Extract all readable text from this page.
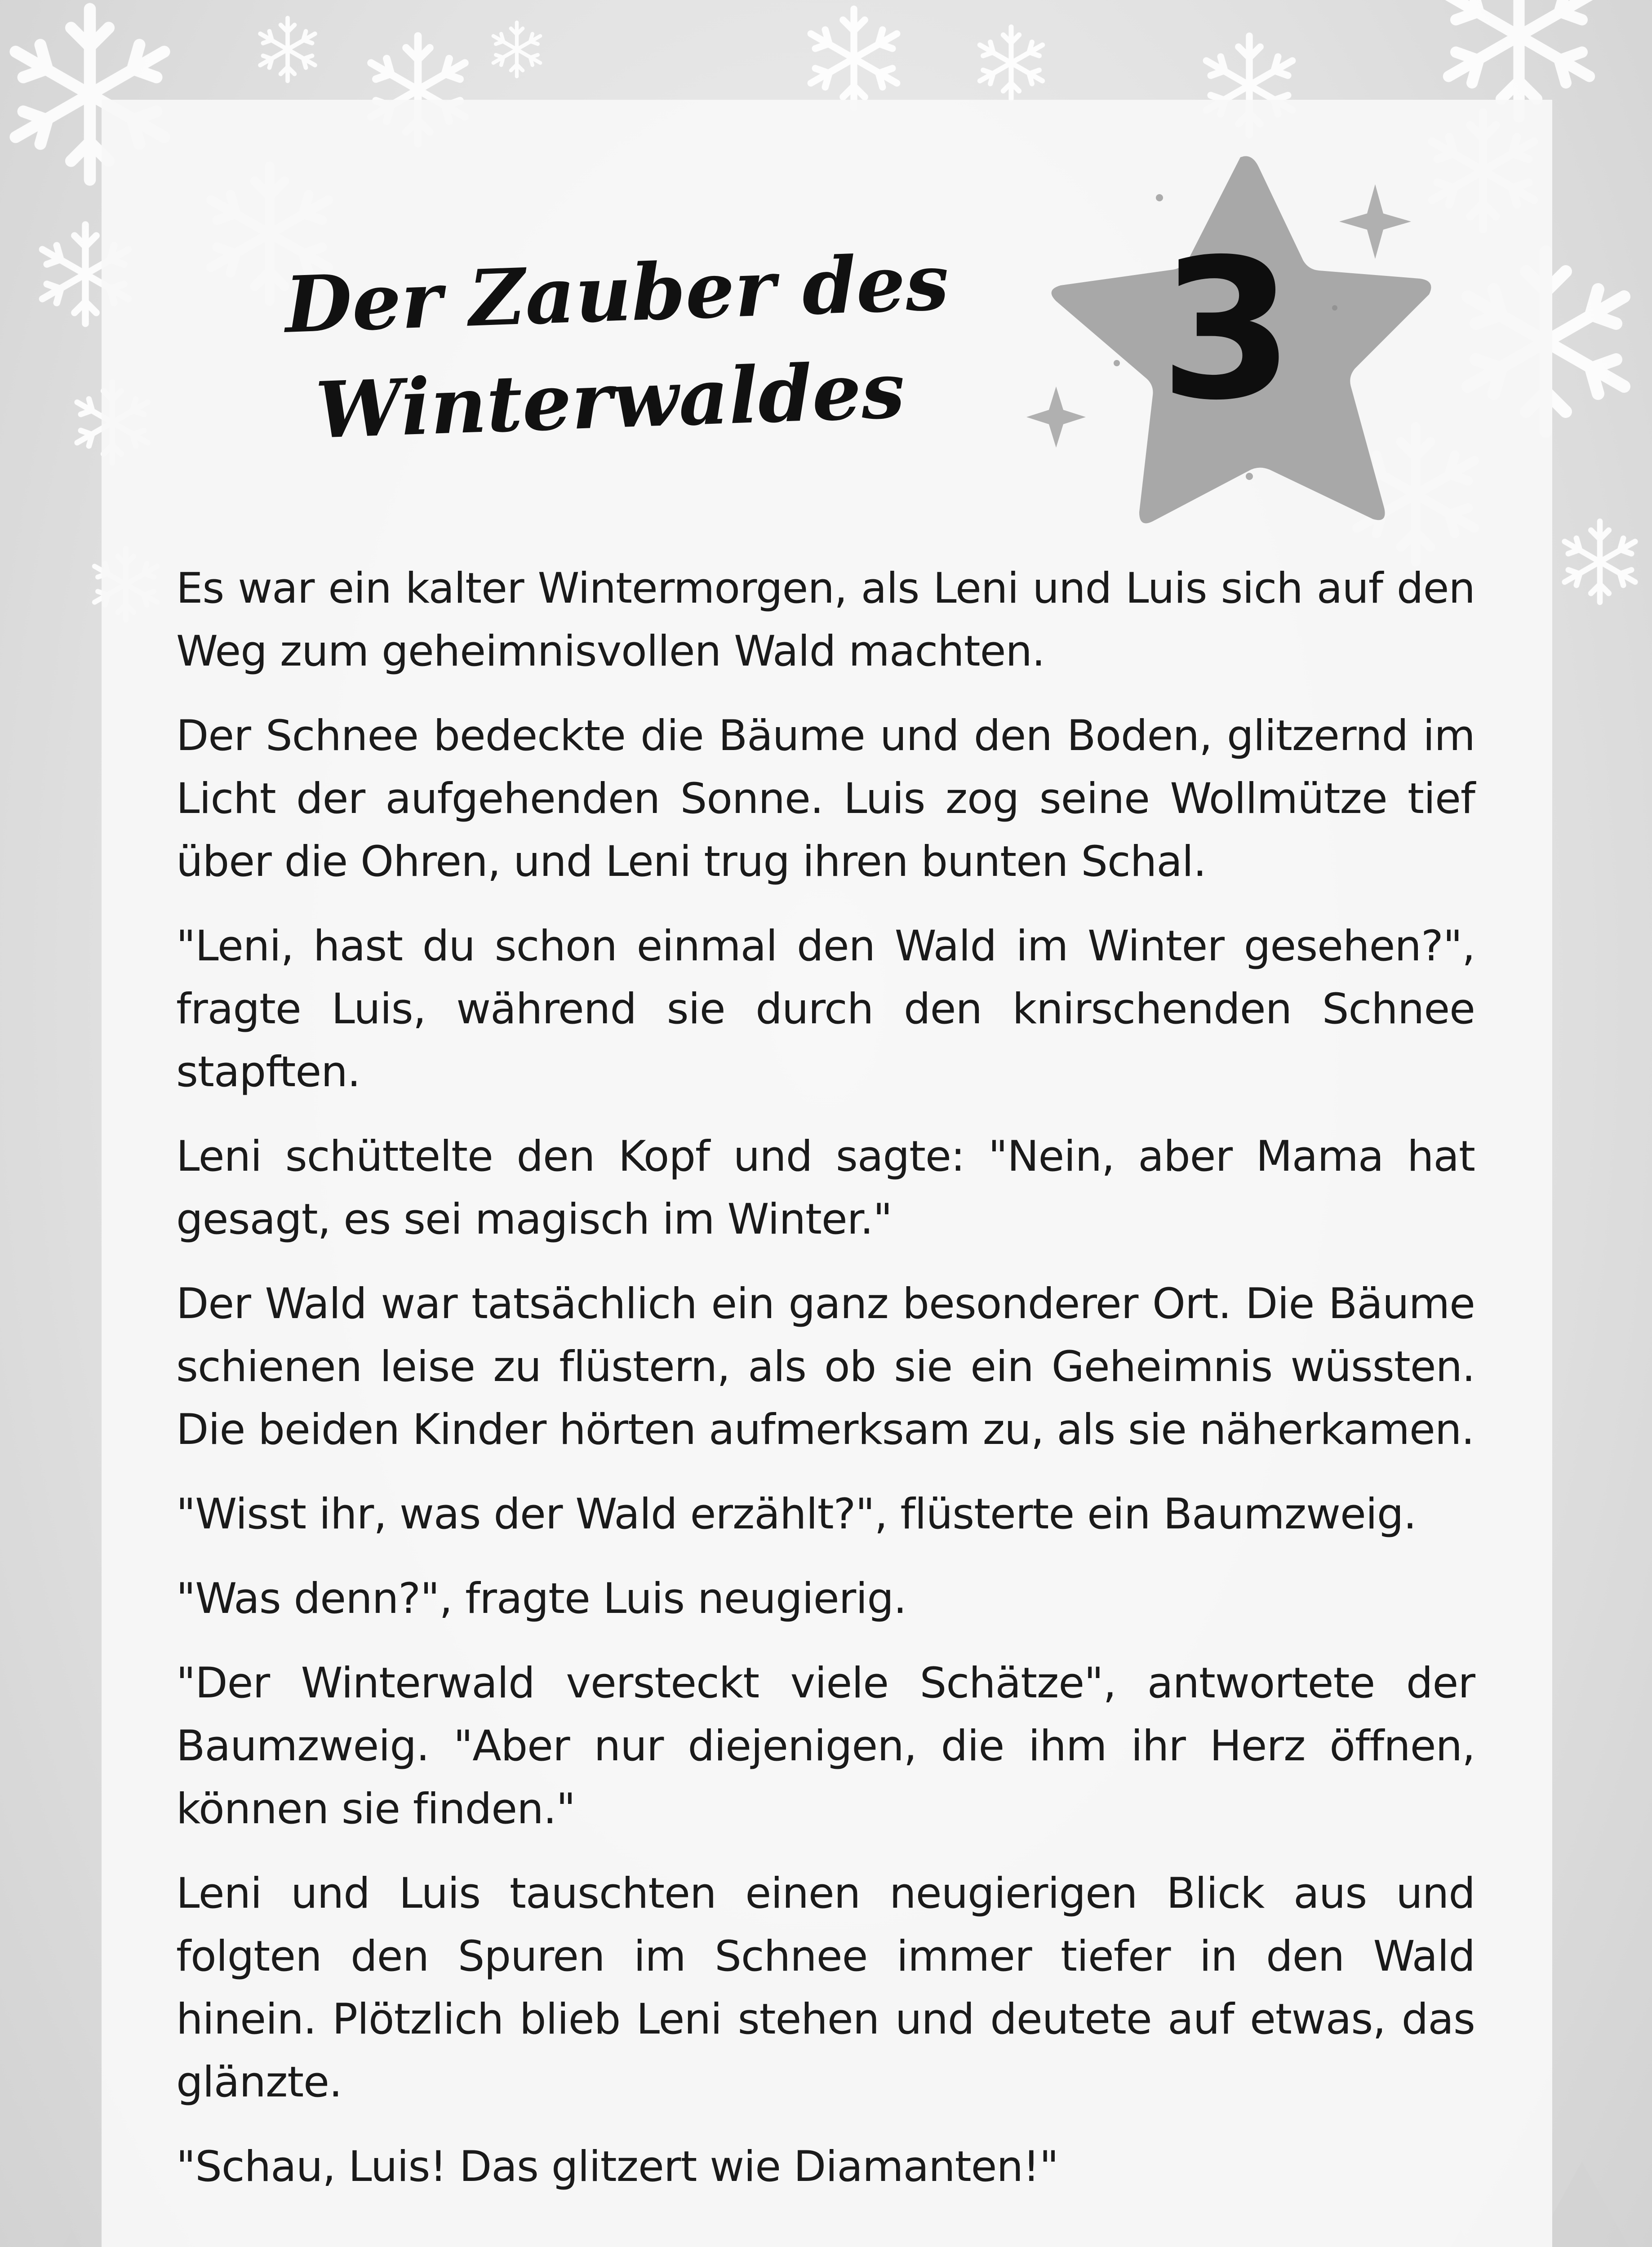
3
Der Zauber des
Winterwaldes

Es war ein kalter Wintermorgen, als Leni und Luis sich auf den Weg zum geheimnisvollen Wald machten.

Der Schnee bedeckte die Bäume und den Boden, glitzernd im Licht der aufgehenden Sonne. Luis zog seine Wollmütze tief über die Ohren, und Leni trug ihren bunten Schal.

"Leni, hast du schon einmal den Wald im Winter gesehen?", fragte Luis, während sie durch den knirschenden Schnee stapften.

Leni schüttelte den Kopf und sagte: "Nein, aber Mama hat gesagt, es sei magisch im Winter."

Der Wald war tatsächlich ein ganz besonderer Ort. Die Bäume schienen leise zu flüstern, als ob sie ein Geheimnis wüssten. Die beiden Kinder hörten aufmerksam zu, als sie näherkamen.

"Wisst ihr, was der Wald erzählt?", flüsterte ein Baumzweig.

"Was denn?", fragte Luis neugierig.

"Der Winterwald versteckt viele Schätze", antwortete der Baumzweig. "Aber nur diejenigen, die ihm ihr Herz öffnen, können sie finden."

Leni und Luis tauschten einen neugierigen Blick aus und folgten den Spuren im Schnee immer tiefer in den Wald hinein. Plötzlich blieb Leni stehen und deutete auf etwas, das glänzte.

"Schau, Luis! Das glitzert wie Diamanten!"
